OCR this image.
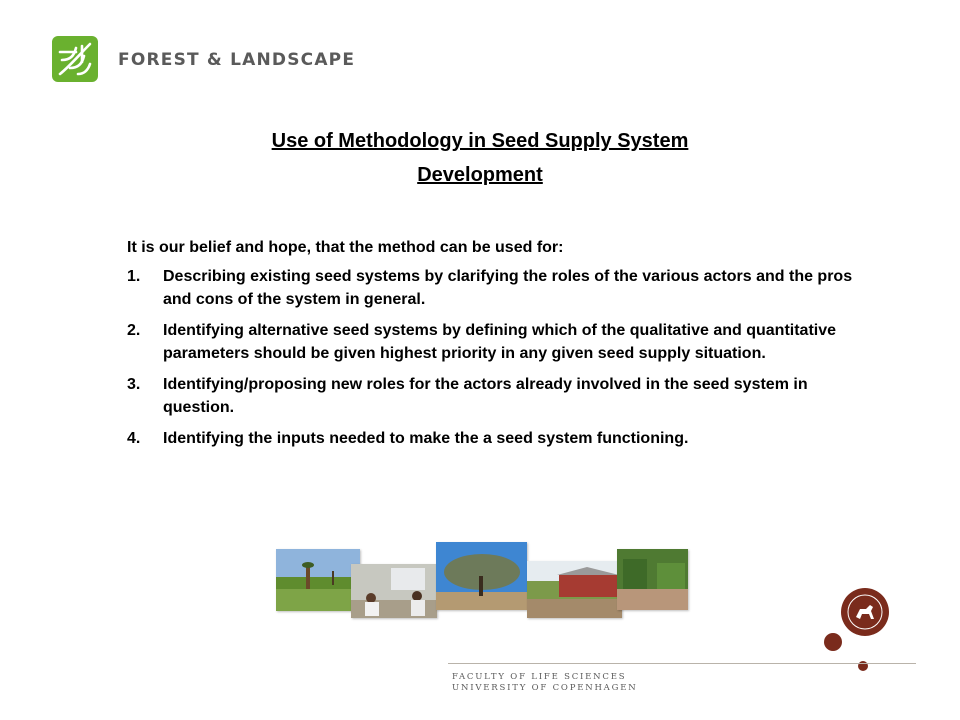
FOREST & LANDSCAPE
Use of Methodology in Seed Supply System
Development

It is our belief and hope, that the method can be used for:

1. Describing existing seed systems by clarifying the roles of the various actors and the pros and cons of the system in general.
2. Identifying alternative seed systems by defining which of the qualitative and quantitative parameters should be given highest priority in any given seed supply situation.
3. Identifying/proposing new roles for the actors already involved in the seed system in question.
4. Identifying the inputs needed to make the a seed system functioning.
FACULTY OF LIFE SCIENCES
UNIVERSITY OF COPENHAGEN
